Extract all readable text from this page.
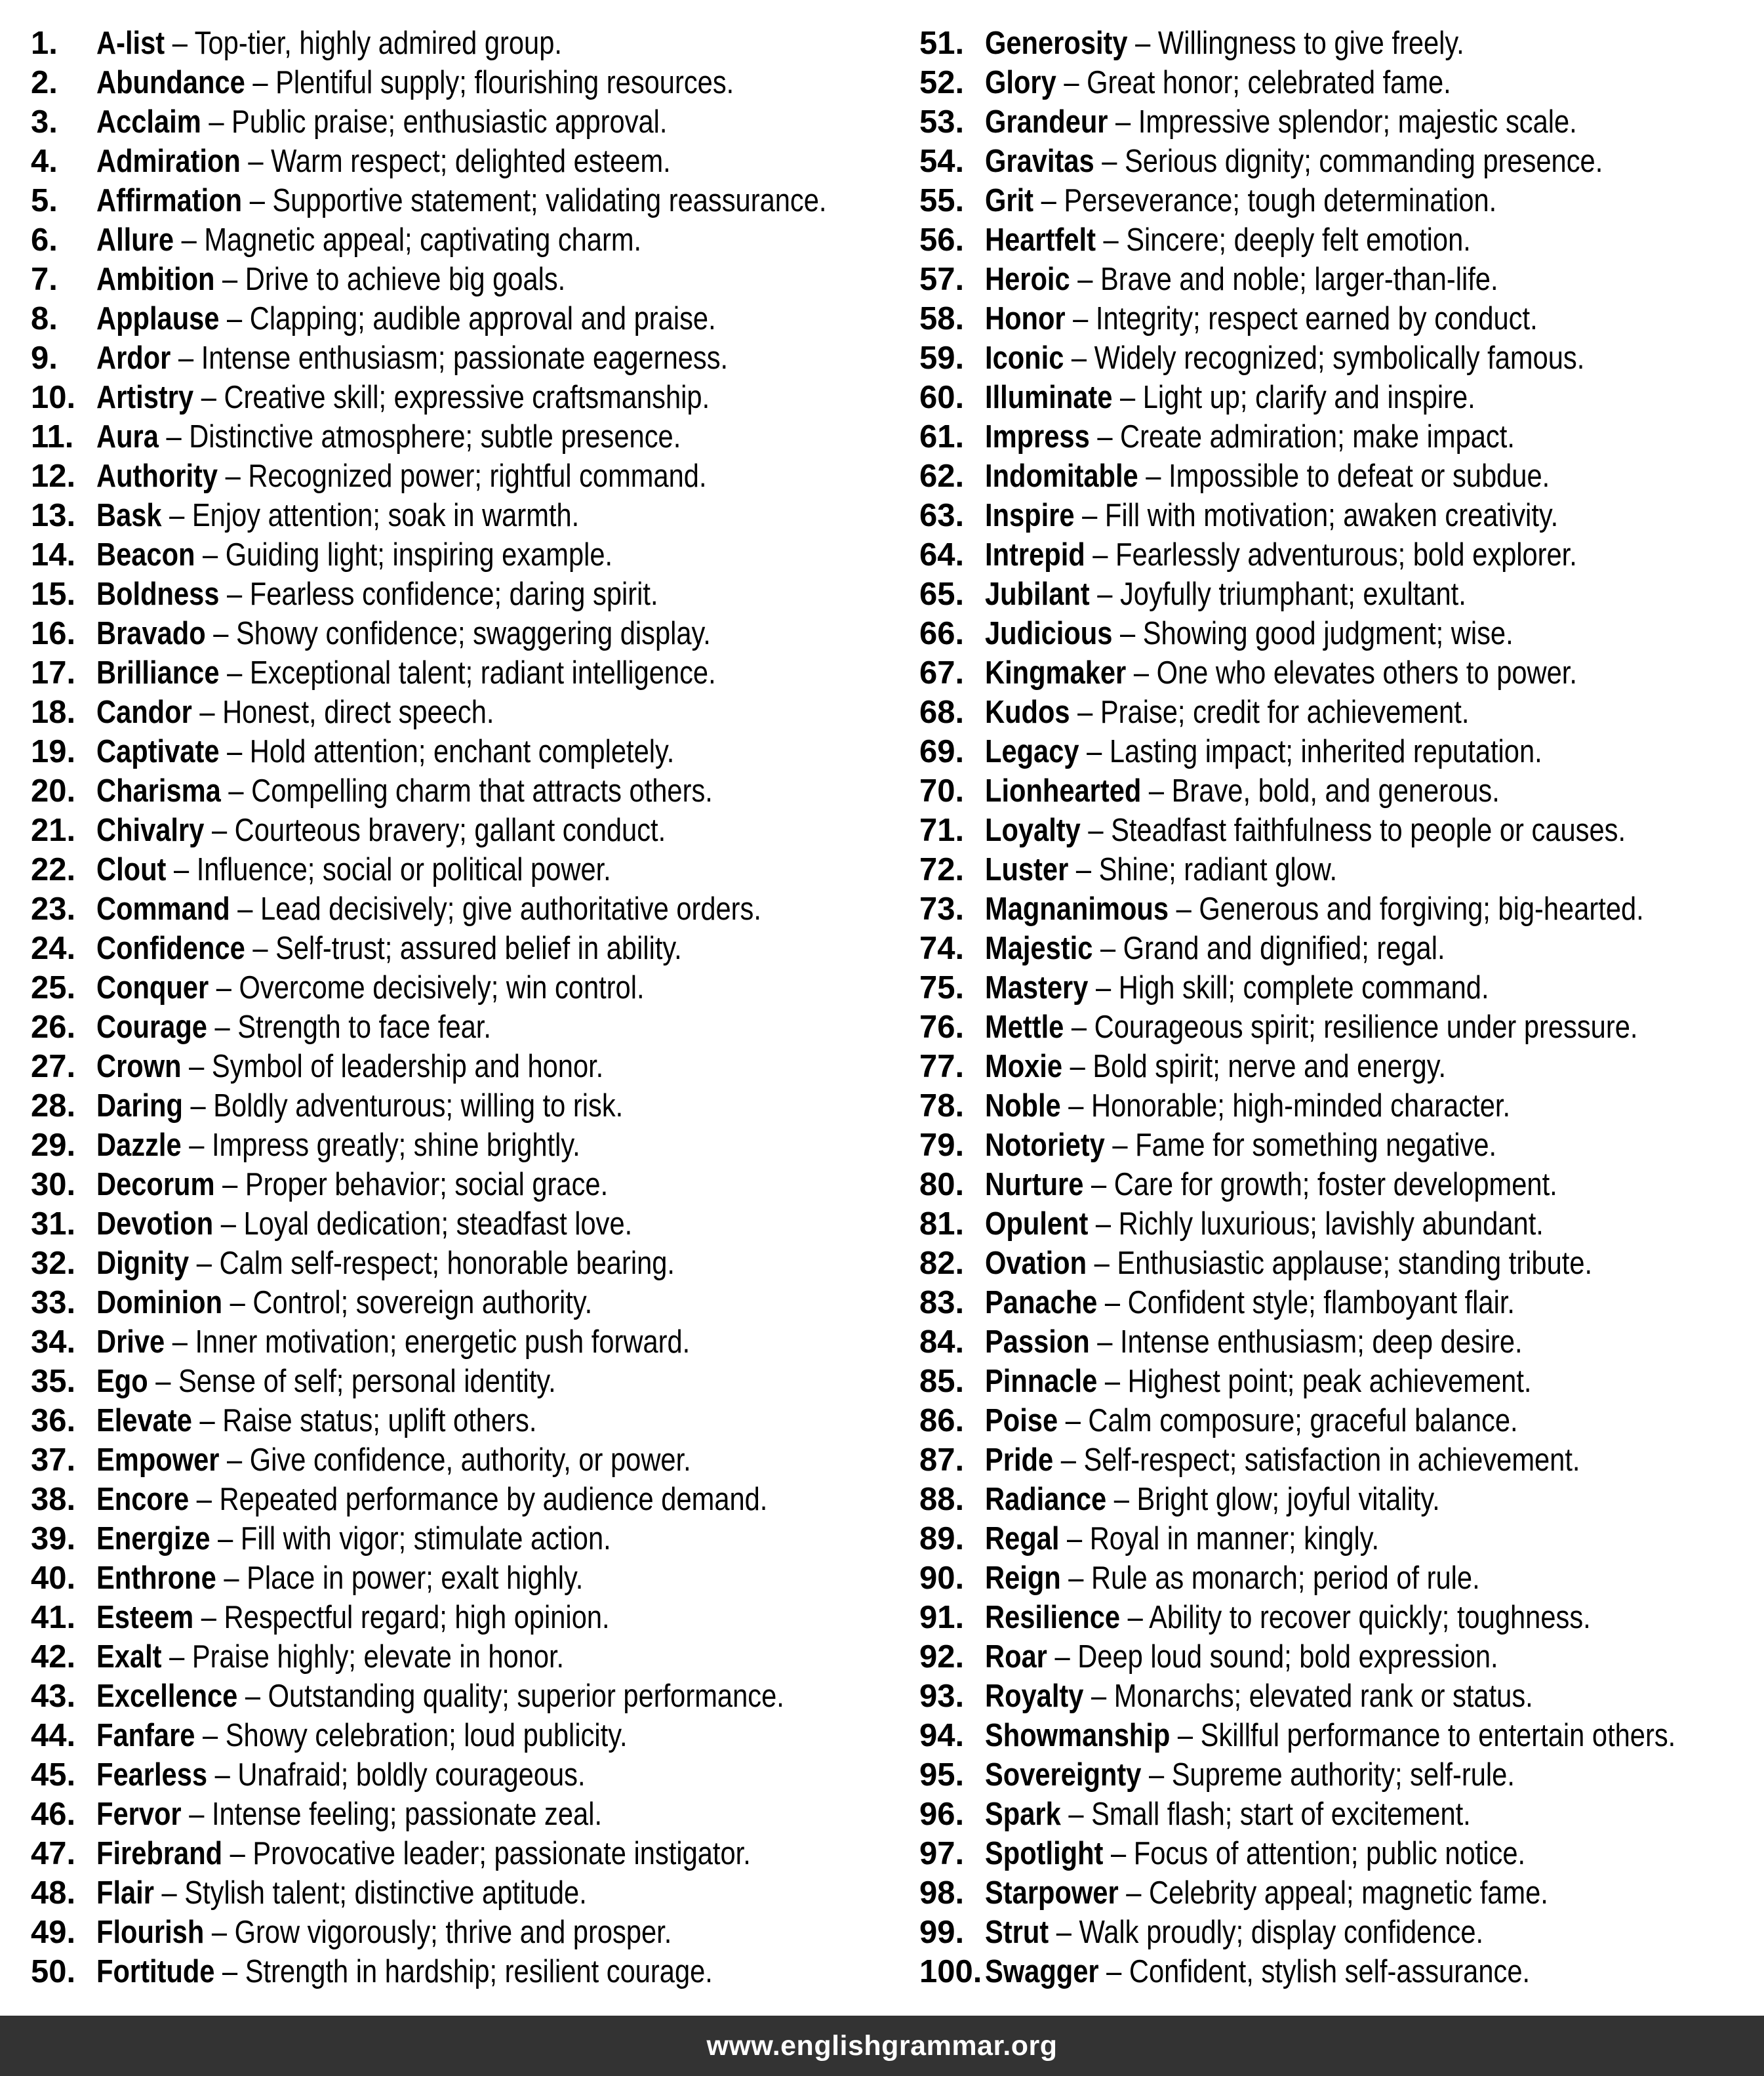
1.	A-list – Top-tier, highly admired group.
2.	Abundance – Plentiful supply; flourishing resources.
3.	Acclaim – Public praise; enthusiastic approval.
4.	Admiration – Warm respect; delighted esteem.
5.	Affirmation – Supportive statement; validating reassurance.
6.	Allure – Magnetic appeal; captivating charm.
7.	Ambition – Drive to achieve big goals.
8.	Applause – Clapping; audible approval and praise.
9.	Ardor – Intense enthusiasm; passionate eagerness.
10. Artistry – Creative skill; expressive craftsmanship.
11. Aura – Distinctive atmosphere; subtle presence.
12. Authority – Recognized power; rightful command.
13. Bask – Enjoy attention; soak in warmth.
14. Beacon – Guiding light; inspiring example.
15. Boldness – Fearless confidence; daring spirit.
16. Bravado – Showy confidence; swaggering display.
17. Brilliance – Exceptional talent; radiant intelligence.
18. Candor – Honest, direct speech.
19. Captivate – Hold attention; enchant completely.
20. Charisma – Compelling charm that attracts others.
21. Chivalry – Courteous bravery; gallant conduct.
22. Clout – Influence; social or political power.
23. Command – Lead decisively; give authoritative orders.
24. Confidence – Self-trust; assured belief in ability.
25. Conquer – Overcome decisively; win control.
26. Courage – Strength to face fear.
27. Crown – Symbol of leadership and honor.
28. Daring – Boldly adventurous; willing to risk.
29. Dazzle – Impress greatly; shine brightly.
30. Decorum – Proper behavior; social grace.
31. Devotion – Loyal dedication; steadfast love.
32. Dignity – Calm self-respect; honorable bearing.
33. Dominion – Control; sovereign authority.
34. Drive – Inner motivation; energetic push forward.
35. Ego – Sense of self; personal identity.
36. Elevate – Raise status; uplift others.
37. Empower – Give confidence, authority, or power.
38. Encore – Repeated performance by audience demand.
39. Energize – Fill with vigor; stimulate action.
40. Enthrone – Place in power; exalt highly.
41. Esteem – Respectful regard; high opinion.
42. Exalt – Praise highly; elevate in honor.
43. Excellence – Outstanding quality; superior performance.
44. Fanfare – Showy celebration; loud publicity.
45. Fearless – Unafraid; boldly courageous.
46. Fervor – Intense feeling; passionate zeal.
47. Firebrand – Provocative leader; passionate instigator.
48. Flair – Stylish talent; distinctive aptitude.
49. Flourish – Grow vigorously; thrive and prosper.
50. Fortitude – Strength in hardship; resilient courage.
51. Generosity – Willingness to give freely.
52. Glory – Great honor; celebrated fame.
53. Grandeur – Impressive splendor; majestic scale.
54. Gravitas – Serious dignity; commanding presence.
55. Grit – Perseverance; tough determination.
56. Heartfelt – Sincere; deeply felt emotion.
57. Heroic – Brave and noble; larger-than-life.
58. Honor – Integrity; respect earned by conduct.
59. Iconic – Widely recognized; symbolically famous.
60. Illuminate – Light up; clarify and inspire.
61. Impress – Create admiration; make impact.
62. Indomitable – Impossible to defeat or subdue.
63. Inspire – Fill with motivation; awaken creativity.
64. Intrepid – Fearlessly adventurous; bold explorer.
65. Jubilant – Joyfully triumphant; exultant.
66. Judicious – Showing good judgment; wise.
67. Kingmaker – One who elevates others to power.
68. Kudos – Praise; credit for achievement.
69. Legacy – Lasting impact; inherited reputation.
70. Lionhearted – Brave, bold, and generous.
71. Loyalty – Steadfast faithfulness to people or causes.
72. Luster – Shine; radiant glow.
73. Magnanimous – Generous and forgiving; big-hearted.
74. Majestic – Grand and dignified; regal.
75. Mastery – High skill; complete command.
76. Mettle – Courageous spirit; resilience under pressure.
77. Moxie – Bold spirit; nerve and energy.
78. Noble – Honorable; high-minded character.
79. Notoriety – Fame for something negative.
80. Nurture – Care for growth; foster development.
81. Opulent – Richly luxurious; lavishly abundant.
82. Ovation – Enthusiastic applause; standing tribute.
83. Panache – Confident style; flamboyant flair.
84. Passion – Intense enthusiasm; deep desire.
85. Pinnacle – Highest point; peak achievement.
86. Poise – Calm composure; graceful balance.
87. Pride – Self-respect; satisfaction in achievement.
88. Radiance – Bright glow; joyful vitality.
89. Regal – Royal in manner; kingly.
90. Reign – Rule as monarch; period of rule.
91. Resilience – Ability to recover quickly; toughness.
92. Roar – Deep loud sound; bold expression.
93. Royalty – Monarchs; elevated rank or status.
94. Showmanship – Skillful performance to entertain others.
95. Sovereignty – Supreme authority; self-rule.
96. Spark – Small flash; start of excitement.
97. Spotlight – Focus of attention; public notice.
98. Starpower – Celebrity appeal; magnetic fame.
99. Strut – Walk proudly; display confidence.
100. Swagger – Confident, stylish self-assurance.
www.englishgrammar.org
